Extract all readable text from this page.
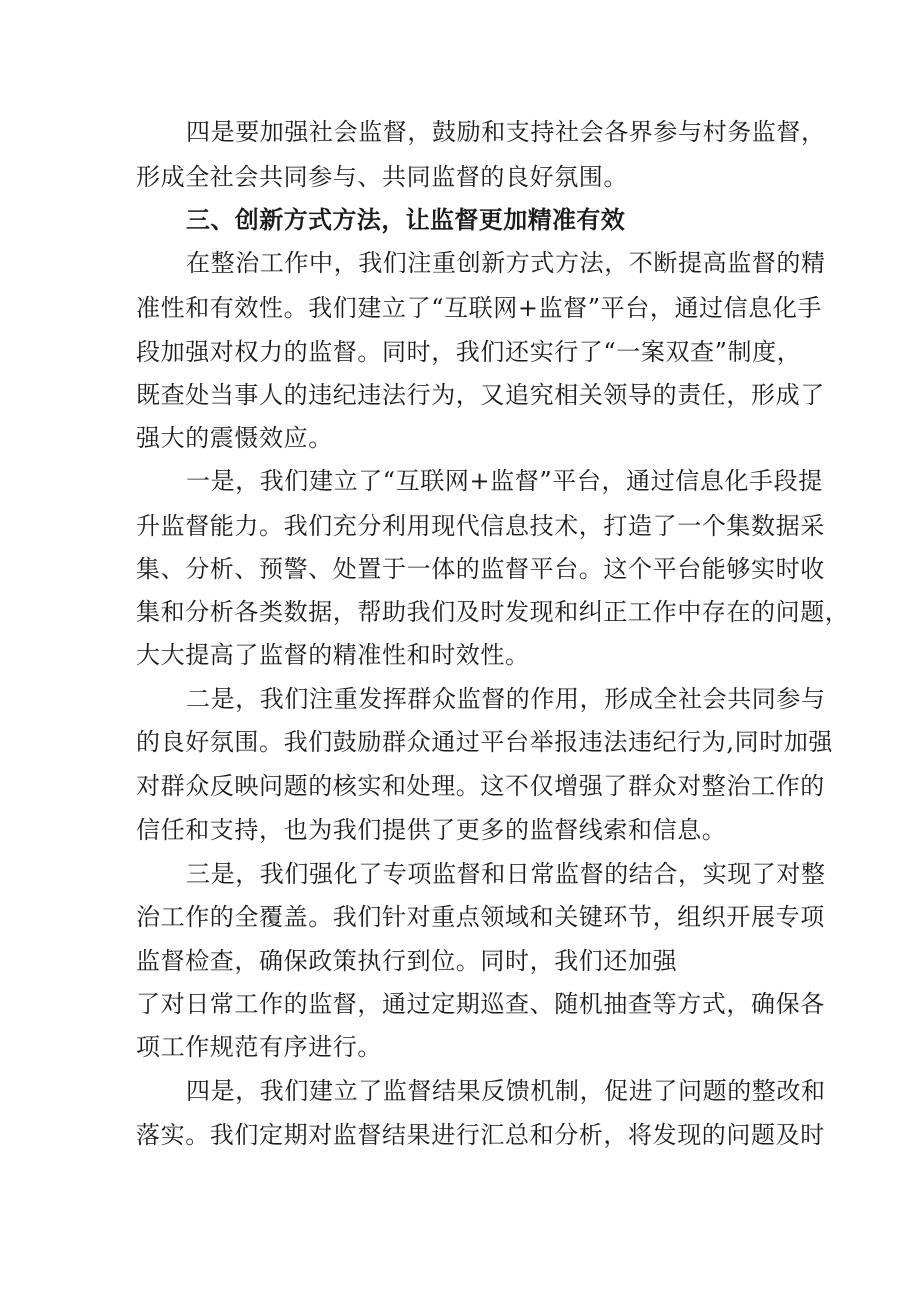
四是要加强社会监督，鼓励和支持社会各界参与村务监督，

形成全社会共同参与、共同监督的良好氛围。

三、创新方式方法，让监督更加精准有效

在整治工作中，我们注重创新方式方法，不断提高监督的精

准性和有效性。我们建立了“互联网+监督”平台，通过信息化手

段加强对权力的监督。同时，我们还实行了“一案双查”制度，

既查处当事人的违纪违法行为，又追究相关领导的责任，形成了

强大的震慑效应。

一是，我们建立了“互联网+监督”平台，通过信息化手段提

升监督能力。我们充分利用现代信息技术，打造了一个集数据采

集、分析、预警、处置于一体的监督平台。这个平台能够实时收

集和分析各类数据，帮助我们及时发现和纠正工作中存在的问题，

大大提高了监督的精准性和时效性。

二是，我们注重发挥群众监督的作用，形成全社会共同参与

的良好氛围。我们鼓励群众通过平台举报违法违纪行为,同时加强

对群众反映问题的核实和处理。这不仅增强了群众对整治工作的

信任和支持，也为我们提供了更多的监督线索和信息。

三是，我们强化了专项监督和日常监督的结合，实现了对整

治工作的全覆盖。我们针对重点领域和关键环节，组织开展专项

监督检查，确保政策执行到位。同时，我们还加强

了对日常工作的监督，通过定期巡查、随机抽查等方式，确保各

项工作规范有序进行。

四是，我们建立了监督结果反馈机制，促进了问题的整改和

落实。我们定期对监督结果进行汇总和分析，将发现的问题及时
